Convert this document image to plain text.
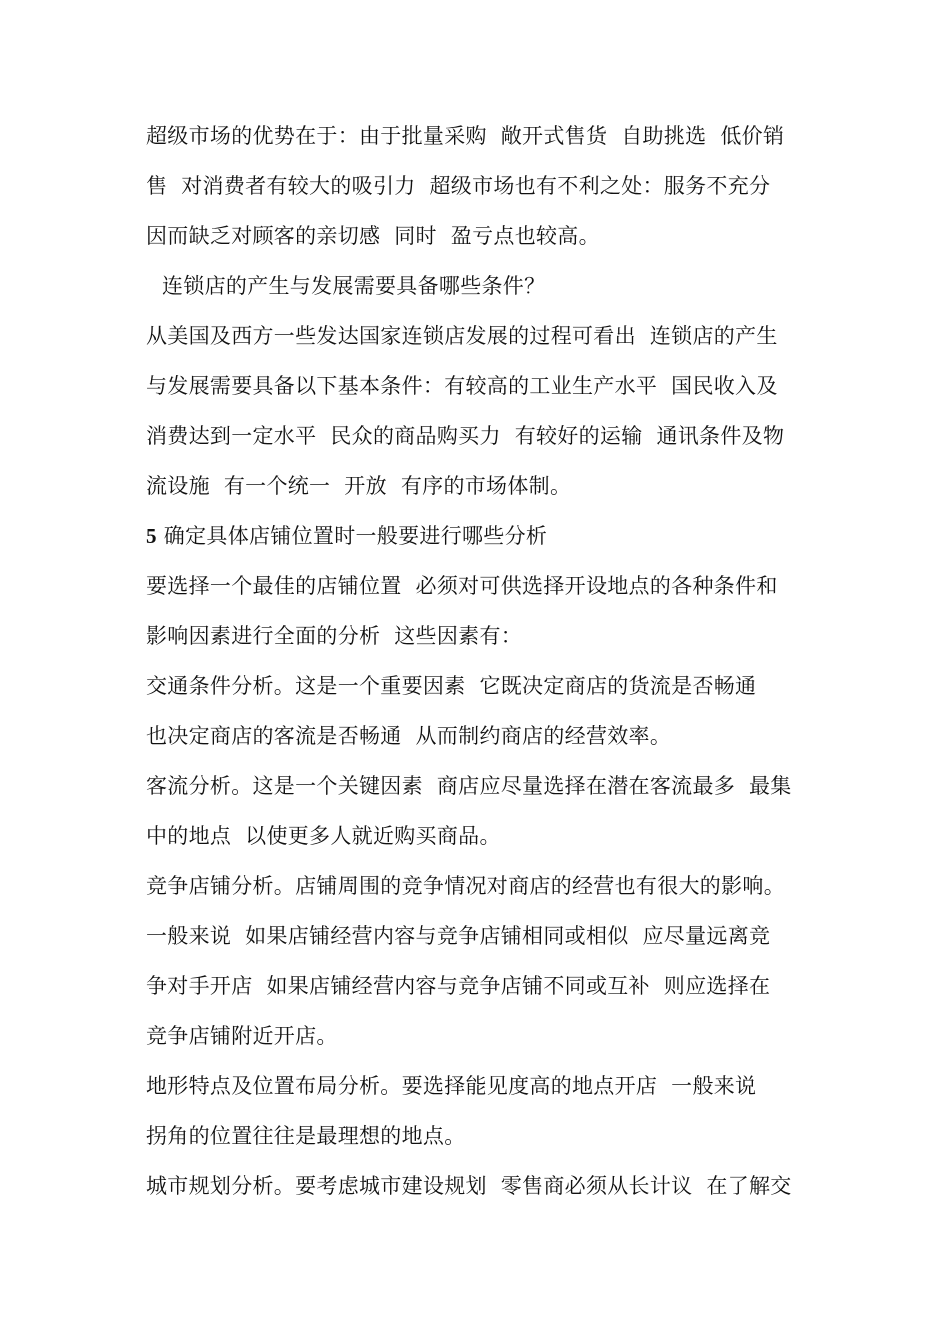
超级市场的优势在于：由于批量采购  敞开式售货  自助挑选  低价销
售  对消费者有较大的吸引力  超级市场也有不利之处：服务不充分
因而缺乏对顾客的亲切感  同时  盈亏点也较高。
连锁店的产生与发展需要具备哪些条件？
从美国及西方一些发达国家连锁店发展的过程可看出  连锁店的产生
与发展需要具备以下基本条件：有较高的工业生产水平  国民收入及
消费达到一定水平  民众的商品购买力  有较好的运输  通讯条件及物
流设施  有一个统一  开放  有序的市场体制。
5 确定具体店铺位置时一般要进行哪些分析
要选择一个最佳的店铺位置  必须对可供选择开设地点的各种条件和
影响因素进行全面的分析  这些因素有：
交通条件分析。这是一个重要因素  它既决定商店的货流是否畅通
也决定商店的客流是否畅通  从而制约商店的经营效率。
客流分析。这是一个关键因素  商店应尽量选择在潜在客流最多  最集
中的地点  以使更多人就近购买商品。
竞争店铺分析。店铺周围的竞争情况对商店的经营也有很大的影响。
一般来说  如果店铺经营内容与竞争店铺相同或相似  应尽量远离竞
争对手开店  如果店铺经营内容与竞争店铺不同或互补  则应选择在
竞争店铺附近开店。
地形特点及位置布局分析。要选择能见度高的地点开店  一般来说
拐角的位置往往是最理想的地点。
城市规划分析。要考虑城市建设规划  零售商必须从长计议  在了解交
